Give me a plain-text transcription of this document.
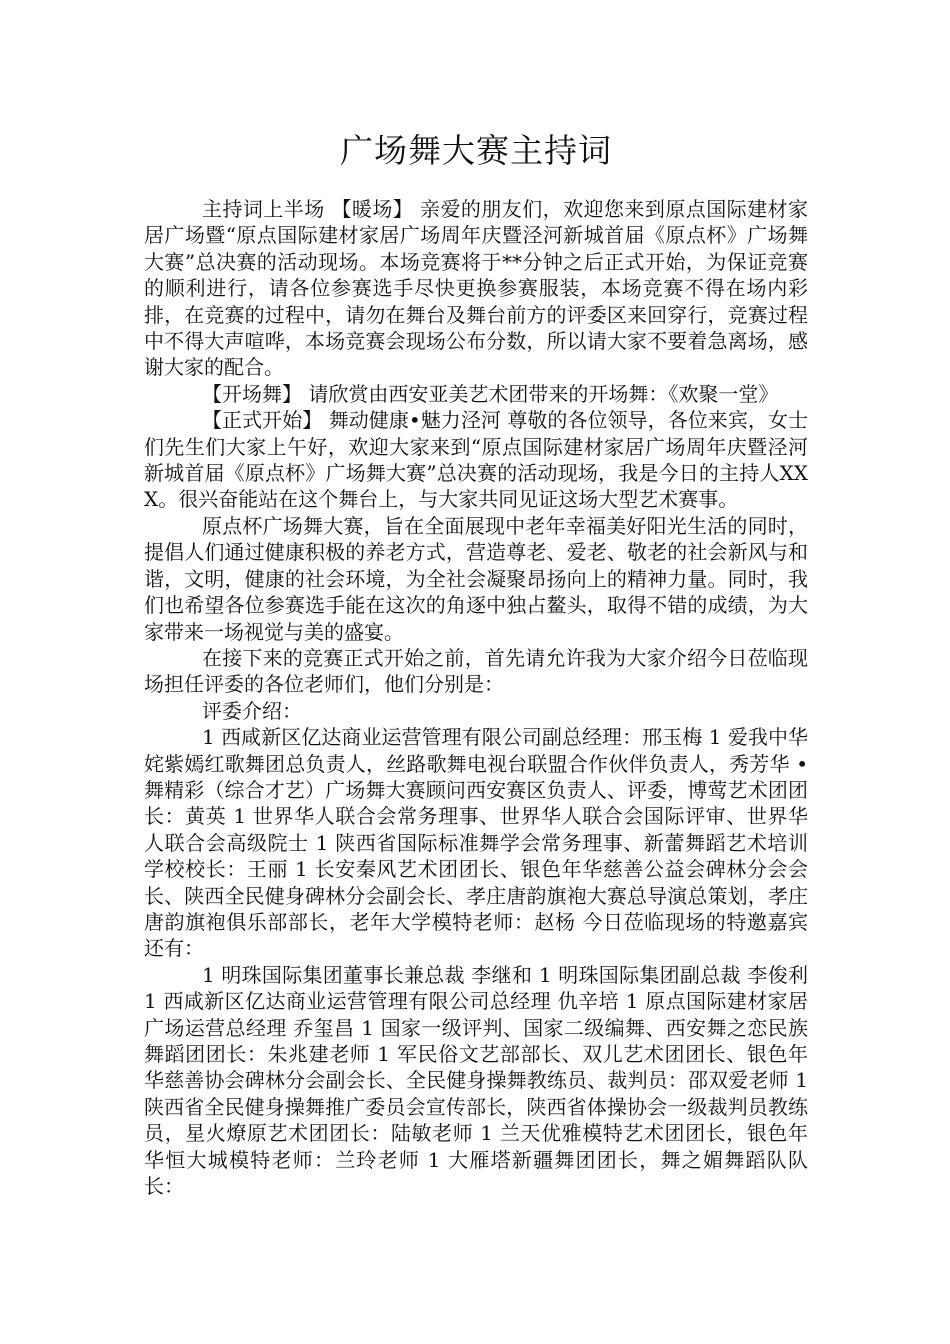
广场舞大赛主持词

主持词上半场 【暖场】 亲爱的朋友们，欢迎您来到原点国际建材家居广场暨“原点国际建材家居广场周年庆暨泾河新城首届《原点杯》广场舞大赛”总决赛的活动现场。本场竞赛将于**分钟之后正式开始，为保证竞赛的顺利进行，请各位参赛选手尽快更换参赛服装，本场竞赛不得在场内彩排，在竞赛的过程中，请勿在舞台及舞台前方的评委区来回穿行，竞赛过程中不得大声喧哗，本场竞赛会现场公布分数，所以请大家不要着急离场，感谢大家的配合。

【开场舞】 请欣赏由西安亚美艺术团带来的开场舞：《欢聚一堂》

【正式开始】 舞动健康•魅力泾河 尊敬的各位领导，各位来宾，女士们先生们大家上午好，欢迎大家来到“原点国际建材家居广场周年庆暨泾河新城首届《原点杯》广场舞大赛”总决赛的活动现场，我是今日的主持人XXX。很兴奋能站在这个舞台上，与大家共同见证这场大型艺术赛事。

原点杯广场舞大赛，旨在全面展现中老年幸福美好阳光生活的同时，提倡人们通过健康积极的养老方式，营造尊老、爱老、敬老的社会新风与和谐，文明，健康的社会环境，为全社会凝聚昂扬向上的精神力量。同时，我们也希望各位参赛选手能在这次的角逐中独占鳌头，取得不错的成绩，为大家带来一场视觉与美的盛宴。

在接下来的竞赛正式开始之前，首先请允许我为大家介绍今日莅临现场担任评委的各位老师们，他们分别是：

评委介绍：

1 西咸新区亿达商业运营管理有限公司副总经理：邢玉梅 1 爱我中华姹紫嫣红歌舞团总负责人，丝路歌舞电视台联盟合作伙伴负责人，秀芳华 • 舞精彩（综合才艺）广场舞大赛顾问西安赛区负责人、评委，博莺艺术团团长：黄英 1 世界华人联合会常务理事、世界华人联合会国际评审、世界华人联合会高级院士 1 陕西省国际标准舞学会常务理事、新蕾舞蹈艺术培训学校校长：王丽 1 长安秦风艺术团团长、银色年华慈善公益会碑林分会会长、陕西全民健身碑林分会副会长、孝庄唐韵旗袍大赛总导演总策划，孝庄唐韵旗袍俱乐部部长，老年大学模特老师：赵杨 今日莅临现场的特邀嘉宾还有：

1 明珠国际集团董事长兼总裁 李继和 1 明珠国际集团副总裁 李俊利 1 西咸新区亿达商业运营管理有限公司总经理 仇辛培 1 原点国际建材家居广场运营总经理 乔玺昌 1 国家一级评判、国家二级编舞、西安舞之恋民族舞蹈团团长：朱兆建老师 1 军民俗文艺部部长、双儿艺术团团长、银色年华慈善协会碑林分会副会长、全民健身操舞教练员、裁判员：邵双爱老师 1 陕西省全民健身操舞推广委员会宣传部长，陕西省体操协会一级裁判员教练员，星火燎原艺术团团长：陆敏老师 1 兰天优雅模特艺术团团长，银色年华恒大城模特老师：兰玲老师 1 大雁塔新疆舞团团长，舞之媚舞蹈队队长：
